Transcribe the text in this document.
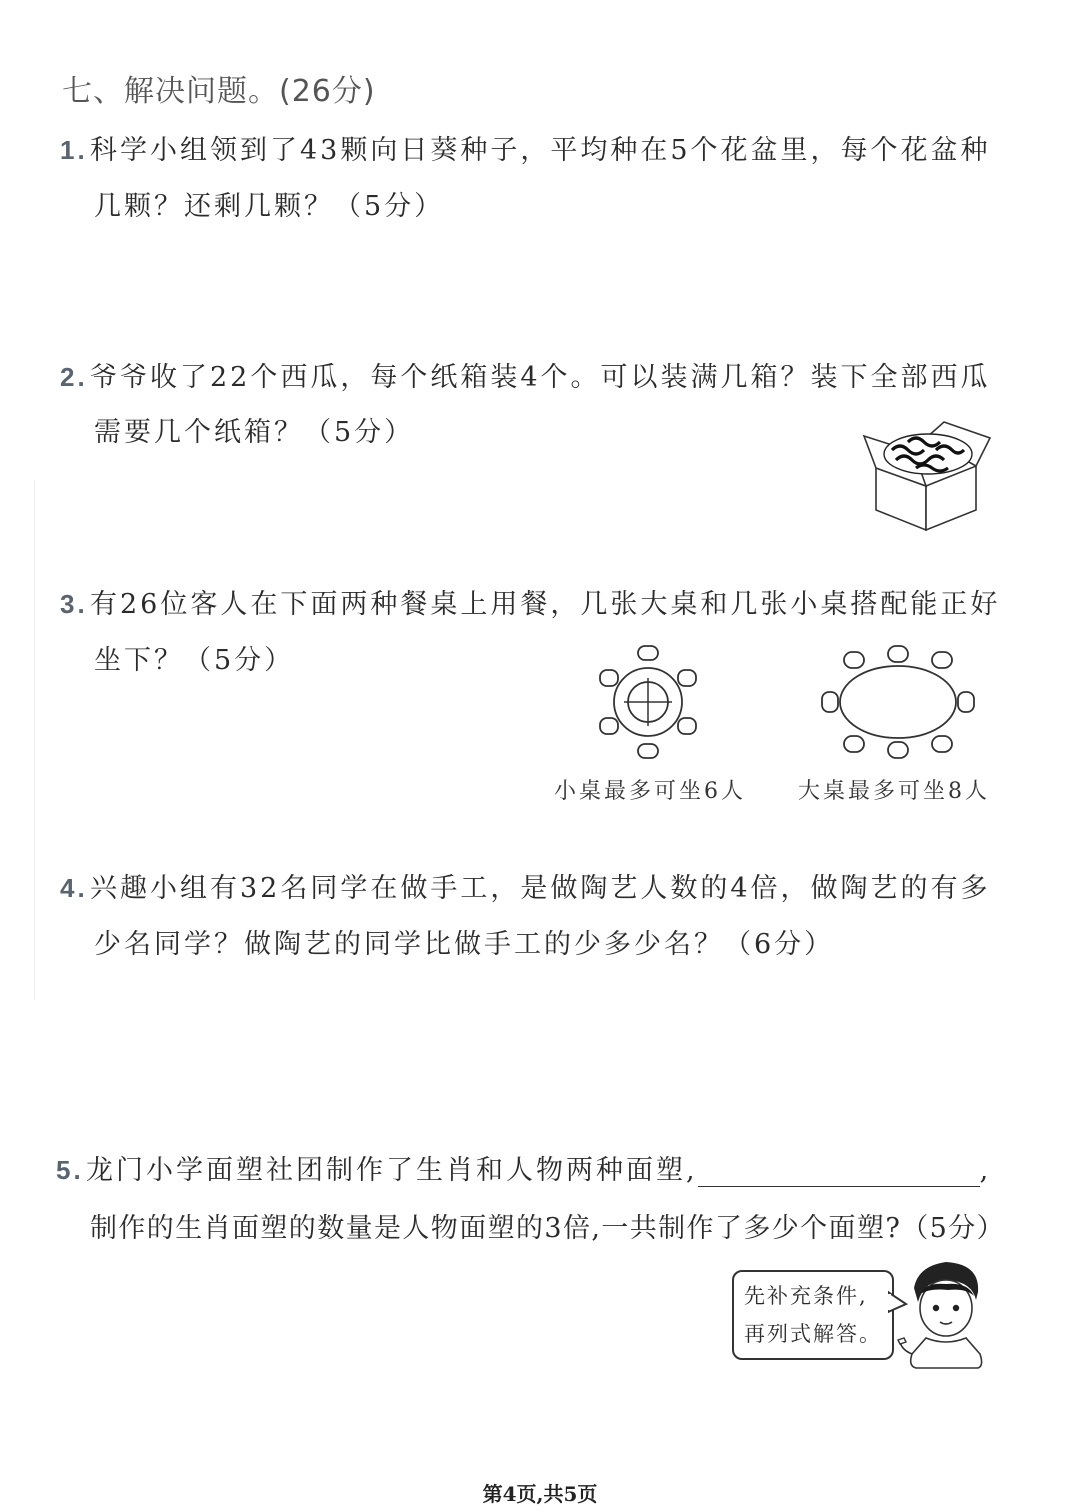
七、解决问题。(26分)
1.科学小组领到了43颗向日葵种子，平均种在5个花盆里，每个花盆种
几颗？还剩几颗？（5分）
2.爷爷收了22个西瓜，每个纸箱装4个。可以装满几箱？装下全部西瓜
需要几个纸箱？（5分）
3.有26位客人在下面两种餐桌上用餐，几张大桌和几张小桌搭配能正好
坐下？（5分）
小桌最多可坐6人 大桌最多可坐8人
4.兴趣小组有32名同学在做手工，是做陶艺人数的4倍，做陶艺的有多
少名同学？做陶艺的同学比做手工的少多少名？（6分）
5.龙门小学面塑社团制作了生肖和人物两种面塑,	,
制作的生肖面塑的数量是人物面塑的3倍,一共制作了多少个面塑?（5分）
先补充条件,
再列式解答。
第4页,共5页
